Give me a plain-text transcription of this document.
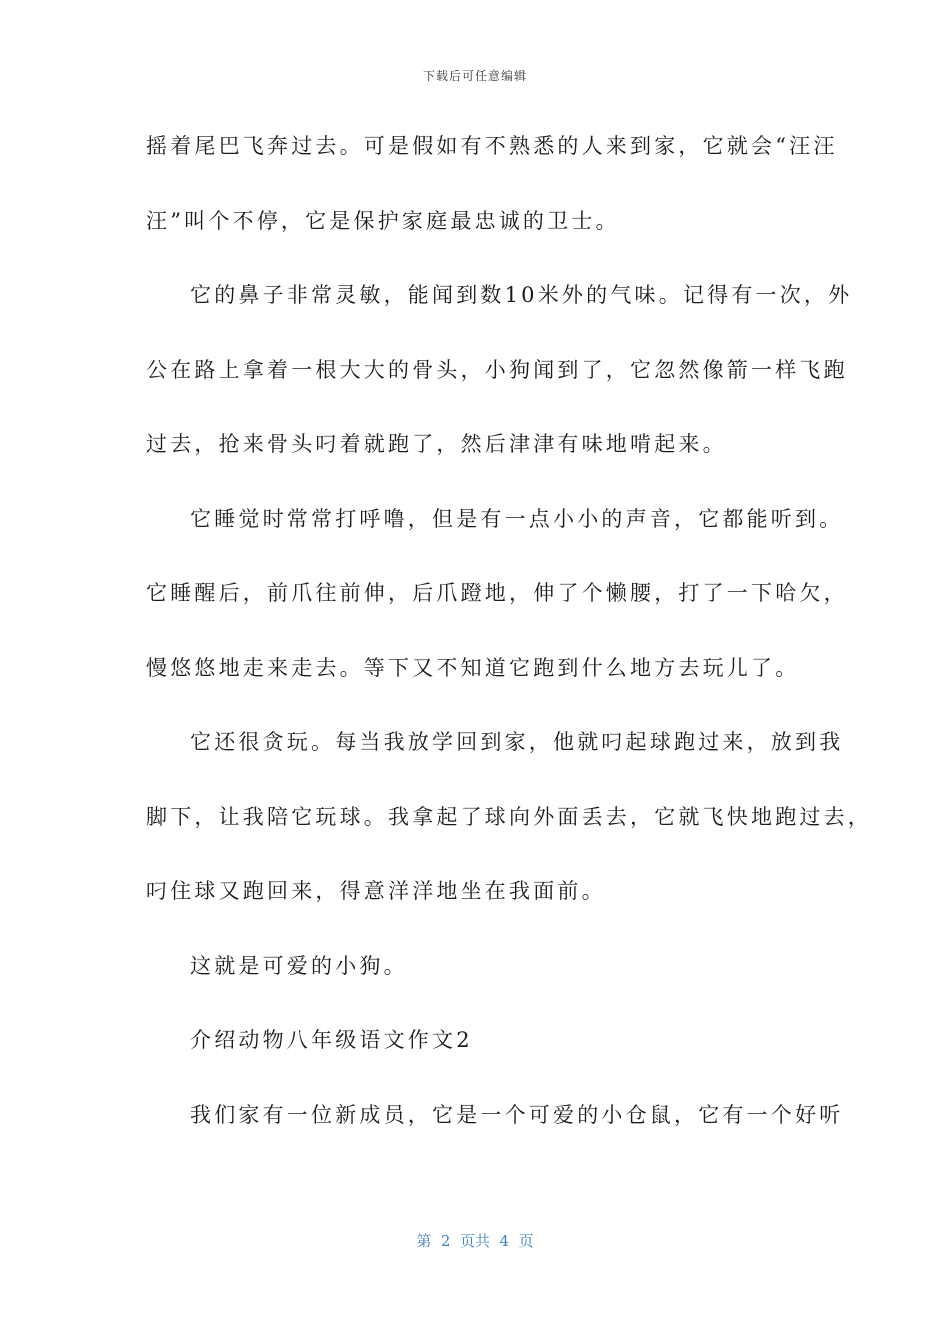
下载后可任意编辑
摇着尾巴飞奔过去。可是假如有不熟悉的人来到家，它就会“汪汪
汪”叫个不停，它是保护家庭最忠诚的卫士。
它的鼻子非常灵敏，能闻到数10米外的气味。记得有一次，外
公在路上拿着一根大大的骨头，小狗闻到了，它忽然像箭一样飞跑
过去，抢来骨头叼着就跑了，然后津津有味地啃起来。
它睡觉时常常打呼噜，但是有一点小小的声音，它都能听到。
它睡醒后，前爪往前伸，后爪蹬地，伸了个懒腰，打了一下哈欠，
慢悠悠地走来走去。等下又不知道它跑到什么地方去玩儿了。
它还很贪玩。每当我放学回到家，他就叼起球跑过来，放到我
脚下，让我陪它玩球。我拿起了球向外面丢去，它就飞快地跑过去，
叼住球又跑回来，得意洋洋地坐在我面前。
这就是可爱的小狗。
介绍动物八年级语文作文2
我们家有一位新成员，它是一个可爱的小仓鼠，它有一个好听
第  2  页共  4  页
